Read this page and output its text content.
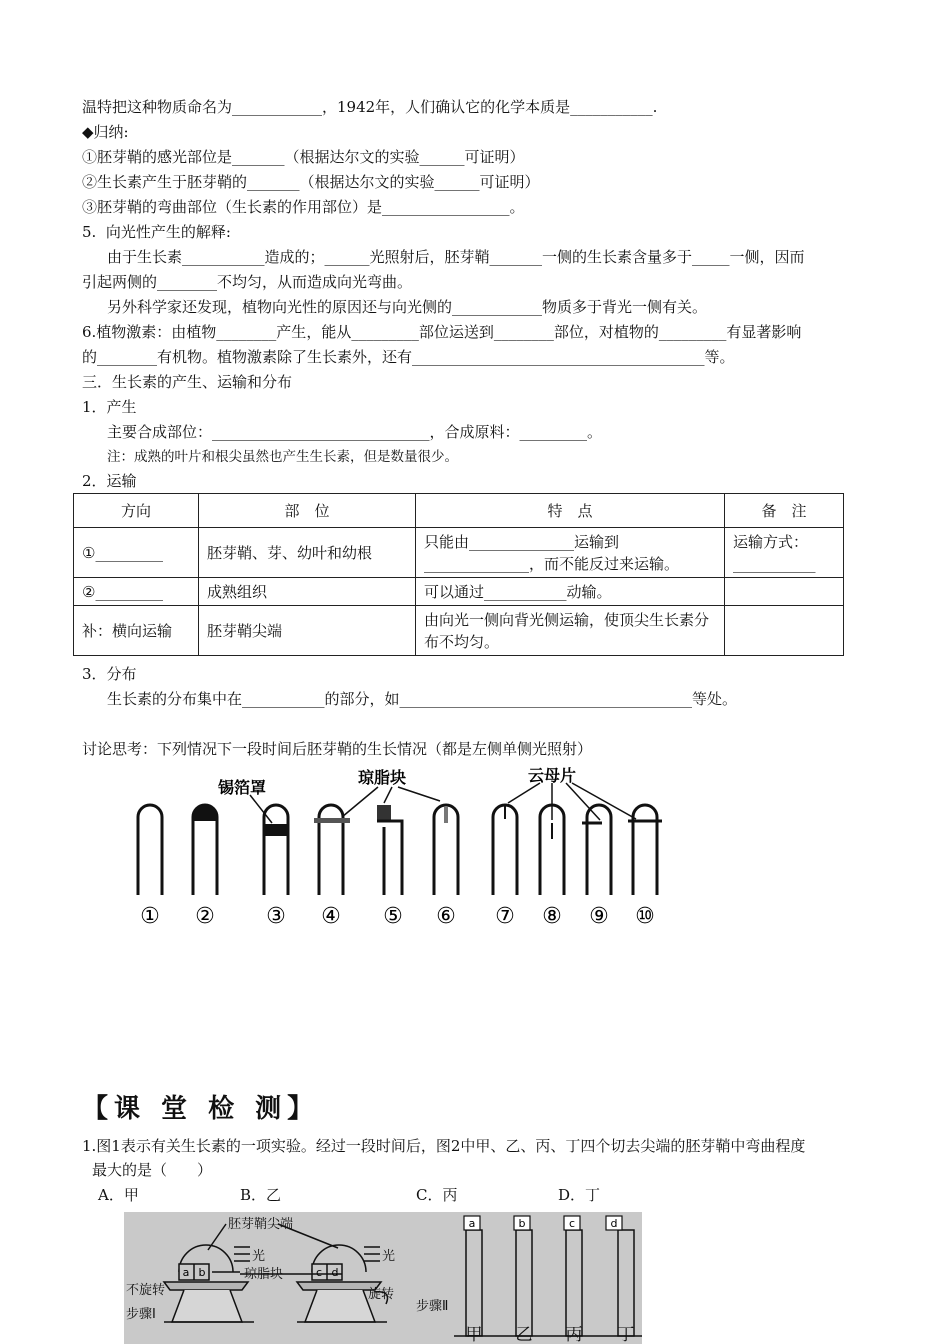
温特把这种物质命名为____________，1942年，人们确认它的化学本质是___________.
◆归纳:
①胚芽鞘的感光部位是_______（根据达尔文的实验______可证明）
②生长素产生于胚芽鞘的_______（根据达尔文的实验______可证明）
③胚芽鞘的弯曲部位（生长素的作用部位）是_________________。
5.  向光性产生的解释:
由于生长素___________造成的；______光照射后，胚芽鞘_______一侧的生长素含量多于_____一侧，因而
引起两侧的________不均匀，从而造成向光弯曲。
另外科学家还发现，植物向光性的原因还与向光侧的____________物质多于背光一侧有关。
6.植物激素：由植物________产生，能从_________部位运送到________部位，对植物的_________有显著影响
的________有机物。植物激素除了生长素外，还有_______________________________________等。
三．生长素的产生、运输和分布
1．产生
主要合成部位：_____________________________，合成原料：_________。
注：成熟的叶片和根尖虽然也产生生长素，但是数量很少。
2．运输
方向	部　位	特　点	备　注
①_________	胚芽鞘、芽、幼叶和幼根	只能由______________运输到______________，而不能反过来运输。	运输方式：___________
②_________	成熟组织	可以通过___________动输。	
补：横向运输	胚芽鞘尖端	由向光一侧向背光侧运输，使顶尖生长素分布不均匀。	
3．分布
生长素的分布集中在___________的部分，如_______________________________________等处。
讨论思考：下列情况下一段时间后胚芽鞘的生长情况（都是左侧单侧光照射）
锡箔罩
琼脂块	云母片
① ② ③ ④ ⑤ ⑥ ⑦ ⑧ ⑨ ⑩
【课 堂 检 测】
1.图1表示有关生长素的一项实验。经过一段时间后，图2中甲、乙、丙、丁四个切去尖端的胚芽鞘中弯曲程度
最大的是（　　）
A．甲	B．乙	C．丙	D．丁
a	b	c	d
a b	c d
胚芽鞘尖端
光	光
琼脂块
不旋转	旋转
步骤Ⅰ
步骤Ⅱ
甲 乙 丙 丁
